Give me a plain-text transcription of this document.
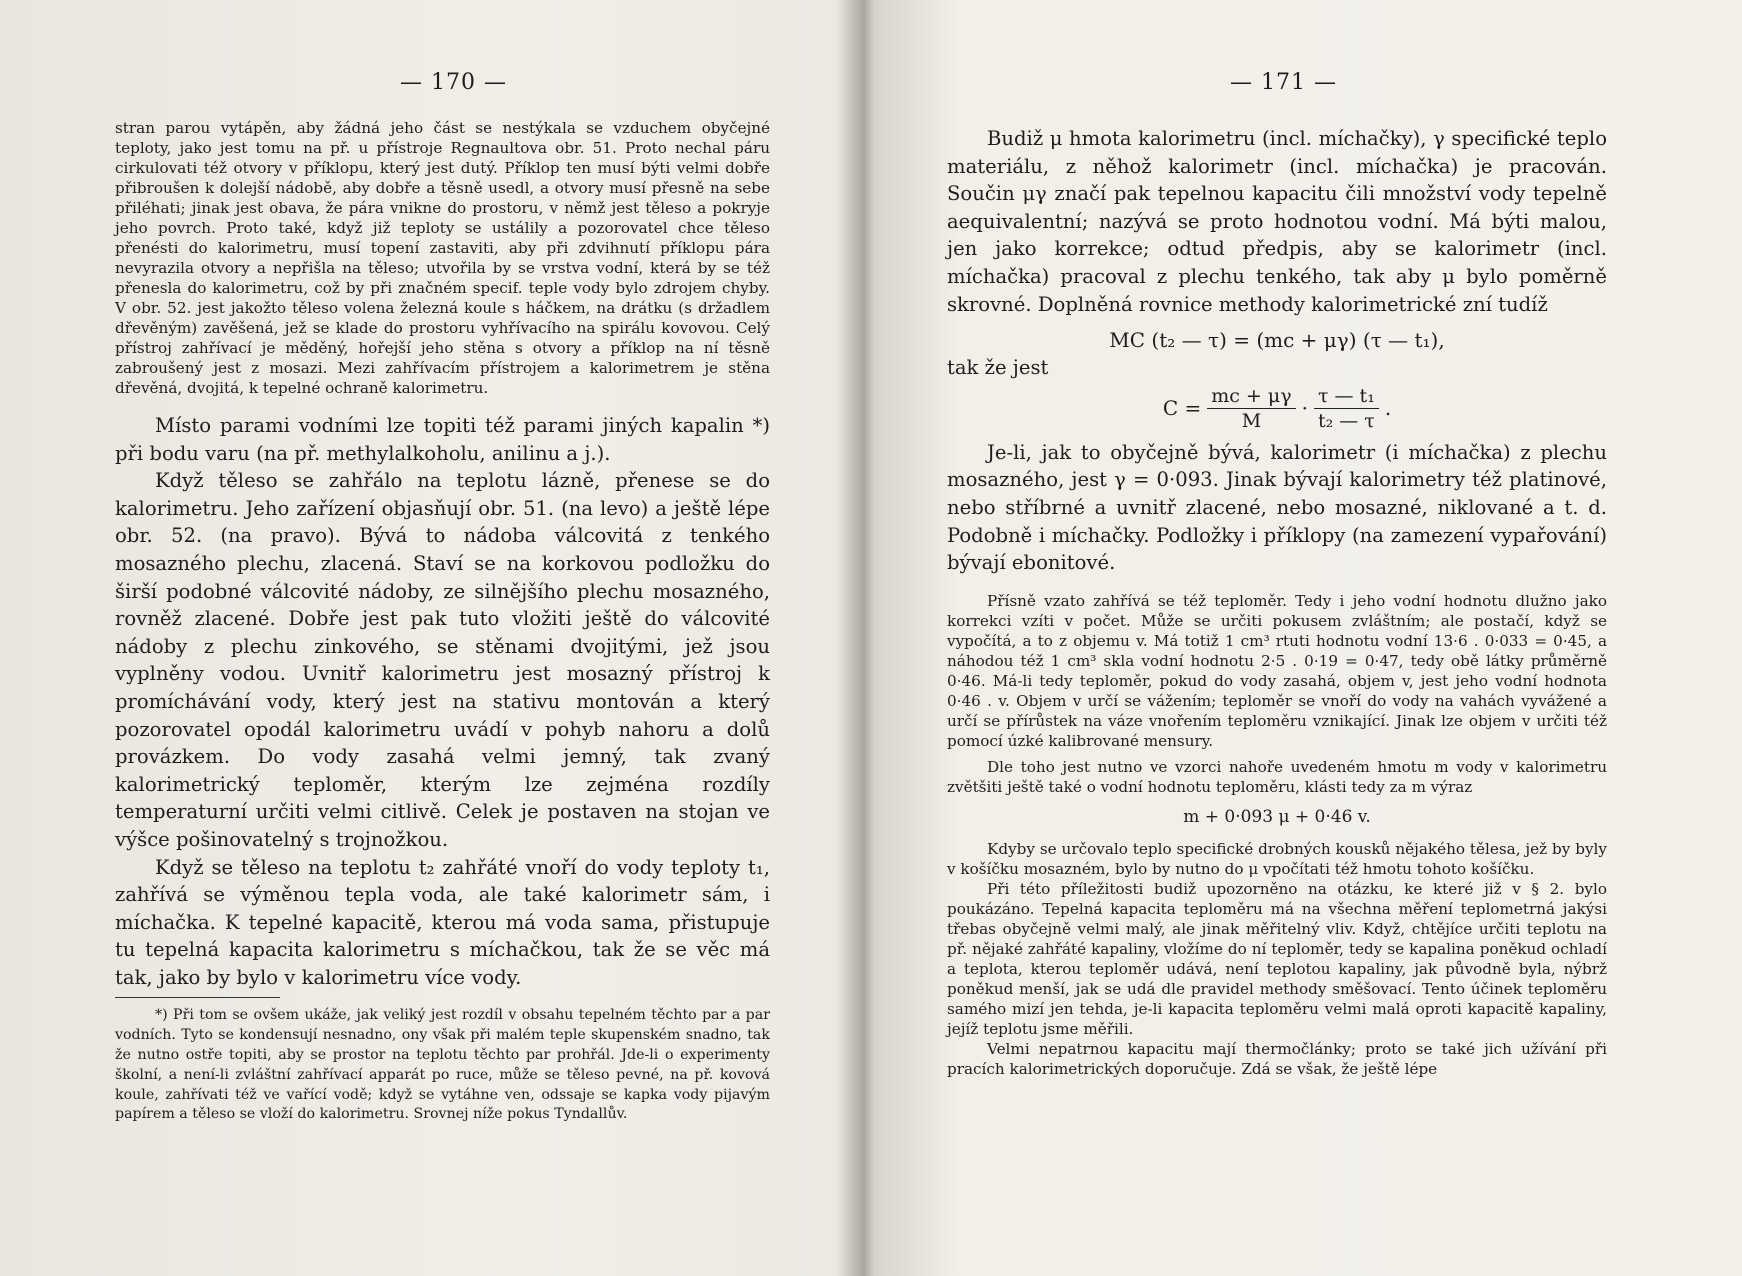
— 170 —

stran parou vytápěn, aby žádná jeho část se nestýkala se vzduchem obyčejné teploty, jako jest tomu na př. u přístroje Regnaultova obr. 51. Proto nechal páru cirkulovati též otvory v příklopu, který jest dutý. Příklop ten musí býti velmi dobře přibroušen k dolejší nádobě, aby dobře a těsně usedl, a otvory musí přesně na sebe přiléhati; jinak jest obava, že pára vnikne do prostoru, v němž jest těleso a pokryje jeho povrch. Proto také, když již teploty se ustálily a pozorovatel chce těleso přenésti do kalorimetru, musí topení zastaviti, aby při zdvihnutí příklopu pára nevyrazila otvory a nepřišla na těleso; utvořila by se vrstva vodní, která by se též přenesla do kalorimetru, což by při značném specif. teple vody bylo zdrojem chyby. V obr. 52. jest jakožto těleso volena železná koule s háčkem, na drátku (s držadlem dřevěným) zavěšená, jež se klade do prostoru vyhřívacího na spirálu kovovou. Celý přístroj zahřívací je měděný, hořejší jeho stěna s otvory a příklop na ní těsně zabroušený jest z mosazi. Mezi zahřívacím přístrojem a kalorimetrem je stěna dřevěná, dvojitá, k tepelné ochraně kalorimetru.

Místo parami vodními lze topiti též parami jiných kapalin *) při bodu varu (na př. methylalkoholu, anilinu a j.).

Když těleso se zahřálo na teplotu lázně, přenese se do kalorimetru. Jeho zařízení objasňují obr. 51. (na levo) a ještě lépe obr. 52. (na pravo). Bývá to nádoba válcovitá z tenkého mosazného plechu, zlacená. Staví se na korkovou podložku do širší podobné válcovité nádoby, ze silnějšího plechu mosazného, rovněž zlacené. Dobře jest pak tuto vložiti ještě do válcovité nádoby z plechu zinkového, se stěnami dvojitými, jež jsou vyplněny vodou. Uvnitř kalorimetru jest mosazný přístroj k promíchávání vody, který jest na stativu montován a který pozorovatel opodál kalorimetru uvádí v pohyb nahoru a dolů provázkem. Do vody zasahá velmi jemný, tak zvaný kalorimetrický teploměr, kterým lze zejména rozdíly temperaturní určiti velmi citlivě. Celek je postaven na stojan ve výšce pošinovatelný s trojnožkou.

Když se těleso na teplotu t₂ zahřáté vnoří do vody teploty t₁, zahřívá se výměnou tepla voda, ale také kalorimetr sám, i míchačka. K tepelné kapacitě, kterou má voda sama, přistupuje tu tepelná kapacita kalorimetru s míchačkou, tak že se věc má tak, jako by bylo v kalorimetru více vody.

*) Při tom se ovšem ukáže, jak veliký jest rozdíl v obsahu tepelném těchto par a par vodních. Tyto se kondensují nesnadno, ony však při malém teple skupenském snadno, tak že nutno ostře topiti, aby se prostor na teplotu těchto par prohřál. Jde-li o experimenty školní, a není-li zvláštní zahřívací apparát po ruce, může se těleso pevné, na př. kovová koule, zahřívati též ve vařící vodě; když se vytáhne ven, odssaje se kapka vody pijavým papírem a těleso se vloží do kalorimetru. Srovnej níže pokus Tyndallův.

— 171 —

Budiž μ hmota kalorimetru (incl. míchačky), γ specifické teplo materiálu, z něhož kalorimetr (incl. míchačka) je pracován. Součin μγ značí pak tepelnou kapacitu čili množství vody tepelně aequivalentní; nazývá se proto hodnotou vodní. Má býti malou, jen jako korrekce; odtud předpis, aby se kalorimetr (incl. míchačka) pracoval z plechu tenkého, tak aby μ bylo poměrně skrovné. Doplněná rovnice methody kalorimetrické zní tudíž

MC (t₂ — τ) = (mc + μγ) (τ — t₁),
tak že jest
$C = \frac{mc + \mu\gamma}{M} \cdot \frac{\text{τ — t₁}}{\text{t₂ — τ}}$ .

Je-li, jak to obyčejně bývá, kalorimetr (i míchačka) z plechu mosazného, jest γ = 0·093. Jinak bývají kalorimetry též platinové, nebo stříbrné a uvnitř zlacené, nebo mosazné, niklované a t. d. Podobně i míchačky. Podložky i příklopy (na zamezení vypařování) bývají ebonitové.

Přísně vzato zahřívá se též teploměr. Tedy i jeho vodní hodnotu dlužno jako korrekci vzíti v počet. Může se určiti pokusem zvláštním; ale postačí, když se vypočítá, a to z objemu v. Má totiž 1 cm³ rtuti hodnotu vodní 13·6 . 0·033 = 0·45, a náhodou též 1 cm³ skla vodní hodnotu 2·5 . 0·19 = 0·47, tedy obě látky průměrně 0·46. Má-li tedy teploměr, pokud do vody zasahá, objem v, jest jeho vodní hodnota 0·46 . v. Objem v určí se vážením; teploměr se vnoří do vody na vahách vyvážené a určí se přírůstek na váze vnořením teploměru vznikající. Jinak lze objem v určiti též pomocí úzké kalibrované mensury.

Dle toho jest nutno ve vzorci nahoře uvedeném hmotu m vody v kalorimetru zvětšiti ještě také o vodní hodnotu teploměru, klásti tedy za m výraz

m + 0·093 μ + 0·46 v.

Kdyby se určovalo teplo specifické drobných kousků nějakého tělesa, jež by byly v košíčku mosazném, bylo by nutno do μ vpočítati též hmotu tohoto košíčku.

Při této příležitosti budiž upozorněno na otázku, ke které již v § 2. bylo poukázáno. Tepelná kapacita teploměru má na všechna měření teplometrná jakýsi třebas obyčejně velmi malý, ale jinak měřitelný vliv. Když, chtějíce určiti teplotu na př. nějaké zahřáté kapaliny, vložíme do ní teploměr, tedy se kapalina poněkud ochladí a teplota, kterou teploměr udává, není teplotou kapaliny, jak původně byla, nýbrž poněkud menší, jak se udá dle pravidel methody směšovací. Tento účinek teploměru samého mizí jen tehda, je-li kapacita teploměru velmi malá oproti kapacitě kapaliny, jejíž teplotu jsme měřili.

Velmi nepatrnou kapacitu mají thermočlánky; proto se také jich užívání při pracích kalorimetrických doporučuje. Zdá se však, že ještě lépe
